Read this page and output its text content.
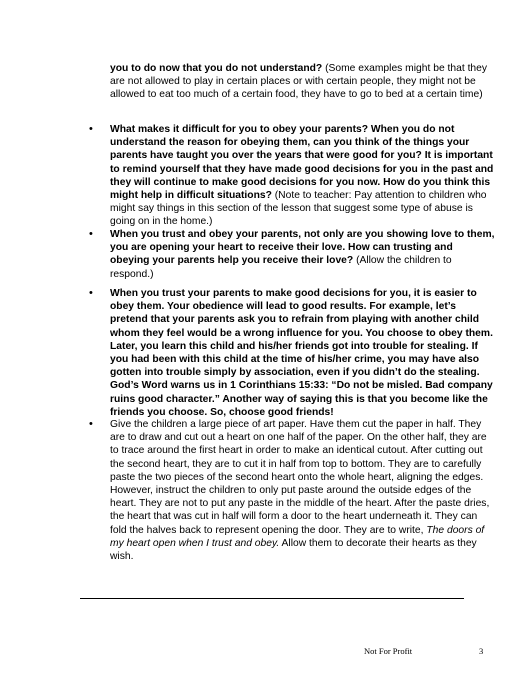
you to do now that you do not understand? (Some examples might be that they are not allowed to play in certain places or with certain people, they might not be allowed to eat too much of a certain food, they have to go to bed at a certain time)

• What makes it difficult for you to obey your parents? When you do not understand the reason for obeying them, can you think of the things your parents have taught you over the years that were good for you? It is important to remind yourself that they have made good decisions for you in the past and they will continue to make good decisions for you now. How do you think this might help in difficult situations? (Note to teacher: Pay attention to children who might say things in this section of the lesson that suggest some type of abuse is going on in the home.)

• When you trust and obey your parents, not only are you showing love to them, you are opening your heart to receive their love. How can trusting and obeying your parents help you receive their love? (Allow the children to respond.)

• When you trust your parents to make good decisions for you, it is easier to obey them. Your obedience will lead to good results. For example, let’s pretend that your parents ask you to refrain from playing with another child whom they feel would be a wrong influence for you. You choose to obey them. Later, you learn this child and his/her friends got into trouble for stealing. If you had been with this child at the time of his/her crime, you may have also gotten into trouble simply by association, even if you didn’t do the stealing. God’s Word warns us in 1 Corinthians 15:33: “Do not be misled. Bad company ruins good character.” Another way of saying this is that you become like the friends you choose. So, choose good friends!

• Give the children a large piece of art paper. Have them cut the paper in half. They are to draw and cut out a heart on one half of the paper. On the other half, they are to trace around the first heart in order to make an identical cutout. After cutting out the second heart, they are to cut it in half from top to bottom. They are to carefully paste the two pieces of the second heart onto the whole heart, aligning the edges. However, instruct the children to only put paste around the outside edges of the heart. They are not to put any paste in the middle of the heart. After the paste dries, the heart that was cut in half will form a door to the heart underneath it. They can fold the halves back to represent opening the door. They are to write, The doors of my heart open when I trust and obey. Allow them to decorate their hearts as they wish.

Not For Profit	3
